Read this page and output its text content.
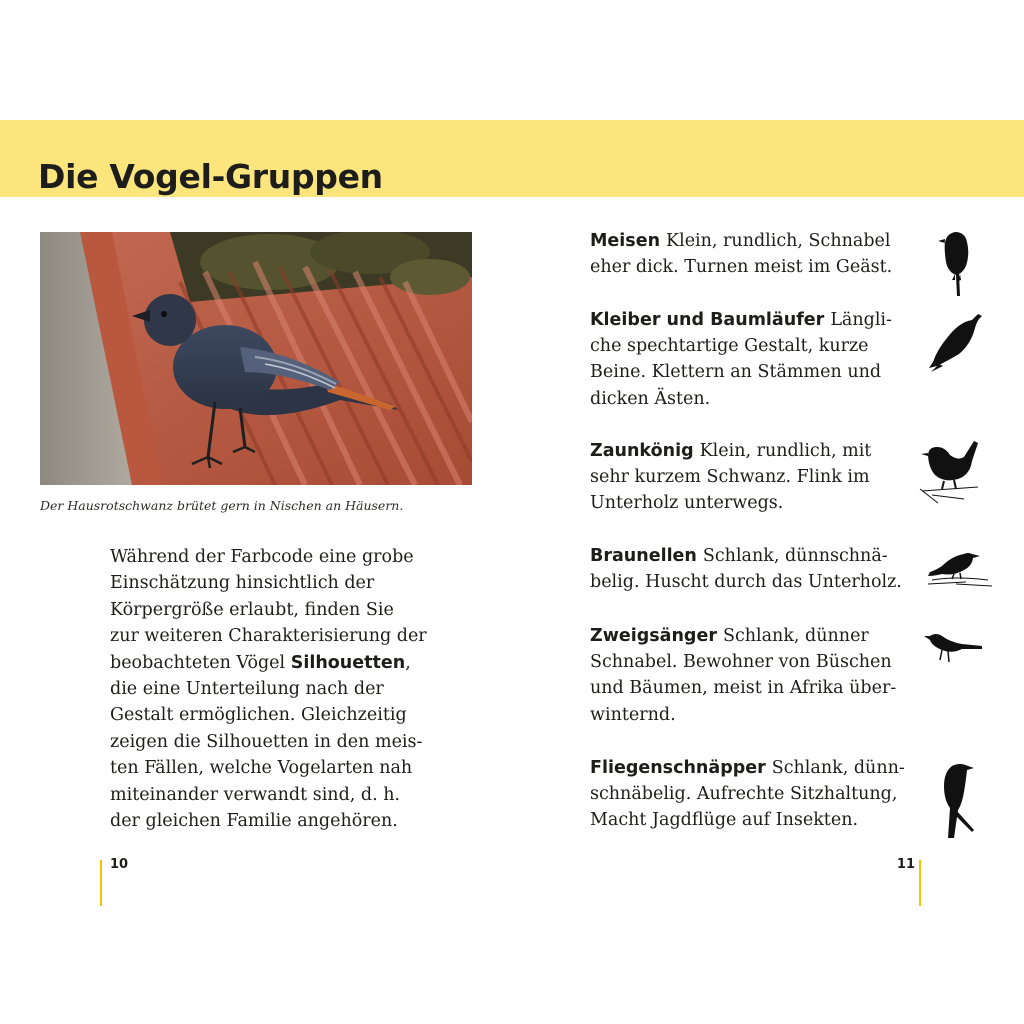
Die Vogel-Gruppen

Der Hausrotschwanz brütet gern in Nischen an Häusern.

Während der Farbcode eine grobe
Einschätzung hinsichtlich der
Körpergröße erlaubt, finden Sie
zur weiteren Charakterisierung der
beobachteten Vögel Silhouetten,
die eine Unterteilung nach der
Gestalt ermöglichen. Gleichzeitig
zeigen die Silhouetten in den meis-
ten Fällen, welche Vogelarten nah
miteinander verwandt sind, d. h.
der gleichen Familie angehören.
10	11
Meisen Klein, rundlich, Schnabel
eher dick. Turnen meist im Geäst.
Kleiber und Baumläufer Längli-
che spechtartige Gestalt, kurze
Beine. Klettern an Stämmen und
dicken Ästen.
Zaunkönig Klein, rundlich, mit
sehr kurzem Schwanz. Flink im
Unterholz unterwegs.
Braunellen Schlank, dünnschnä-
belig. Huscht durch das Unterholz.
Zweigsänger Schlank, dünner
Schnabel. Bewohner von Büschen
und Bäumen, meist in Afrika über-
winternd.
Fliegenschnäpper Schlank, dünn-
schnäbelig. Aufrechte Sitzhaltung,
Macht Jagdflüge auf Insekten.
